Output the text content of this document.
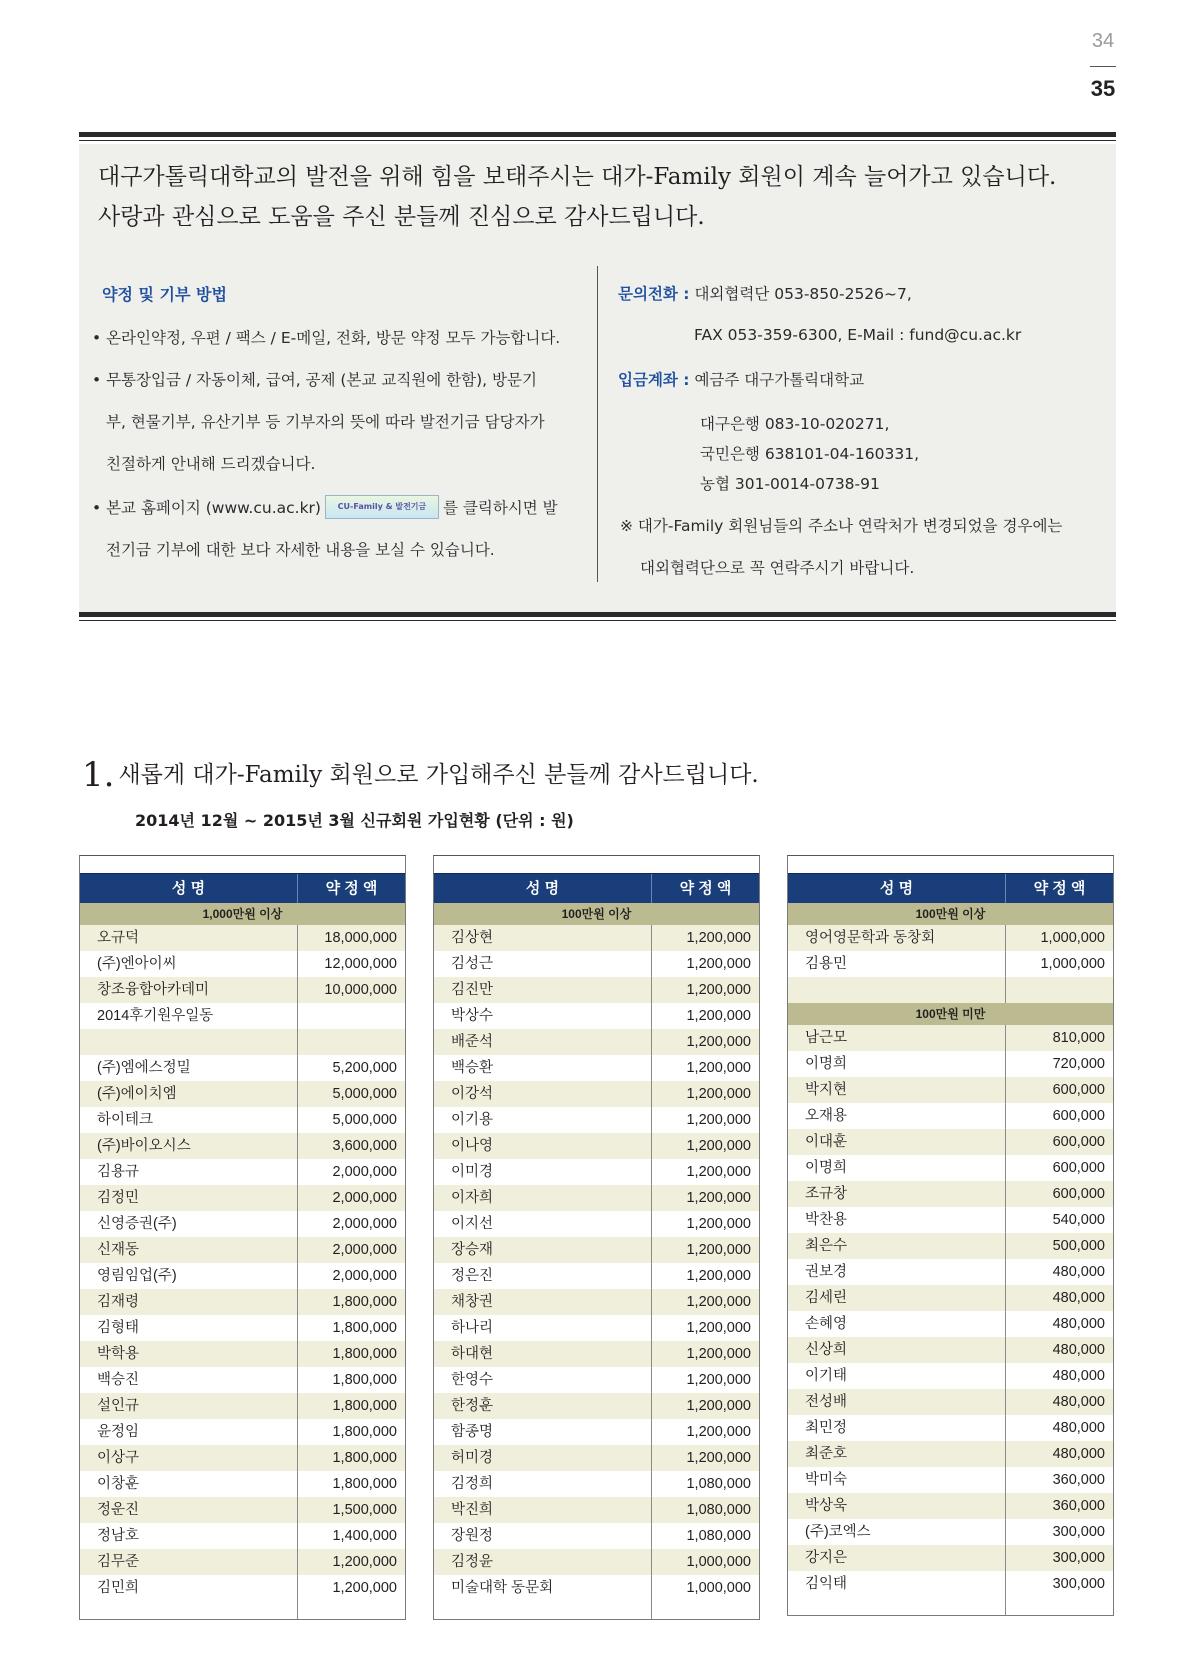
34
35
대구가톨릭대학교의 발전을 위해 힘을 보태주시는 대가-Family 회원이 계속 늘어가고 있습니다.
사랑과 관심으로 도움을 주신 분들께 진심으로 감사드립니다.
약정 및 기부 방법
• 온라인약정, 우편 / 팩스 / E-메일, 전화, 방문 약정 모두 가능합니다.
• 무통장입금 / 자동이체, 급여, 공제 (본교 교직원에 한함), 방문기
부, 현물기부, 유산기부 등 기부자의 뜻에 따라 발전기금 담당자가
친절하게 안내해 드리겠습니다.
• 본교 홈페이지 (www.cu.ac.kr) CU-Family & 발전기금 를 클릭하시면 발
전기금 기부에 대한 보다 자세한 내용을 보실 수 있습니다.
문의전화 : 대외협력단 053-850-2526~7,
FAX 053-359-6300, E-Mail : fund@cu.ac.kr
입금계좌 : 예금주 대구가톨릭대학교
대구은행 083-10-020271,
국민은행 638101-04-160331,
농협 301-0014-0738-91
※ 대가-Family 회원님들의 주소나 연락처가 변경되었을 경우에는
대외협력단으로 꼭 연락주시기 바랍니다.
1. 새롭게 대가-Family 회원으로 가입해주신 분들께 감사드립니다.
2014년 12월 ~ 2015년 3월 신규회원 가입현황 (단위 : 원)
성 명	약 정 액
1,000만원 이상
오규덕	18,000,000
(주)엔아이씨	12,000,000
창조융합아카데미	10,000,000
2014후기원우일동
(주)엠에스정밀	5,200,000
(주)에이치엠	5,000,000
하이테크	5,000,000
(주)바이오시스	3,600,000
김용규	2,000,000
김정민	2,000,000
신영증권(주)	2,000,000
신재동	2,000,000
영림임업(주)	2,000,000
김재령	1,800,000
김형태	1,800,000
박학용	1,800,000
백승진	1,800,000
설인규	1,800,000
윤정임	1,800,000
이상구	1,800,000
이창훈	1,800,000
정운진	1,500,000
정남호	1,400,000
김무준	1,200,000
김민희	1,200,000
성 명	약 정 액
100만원 이상
김상현	1,200,000
김성근	1,200,000
김진만	1,200,000
박상수	1,200,000
배준석	1,200,000
백승환	1,200,000
이강석	1,200,000
이기용	1,200,000
이나영	1,200,000
이미경	1,200,000
이자희	1,200,000
이지선	1,200,000
장승재	1,200,000
정은진	1,200,000
채창권	1,200,000
하나리	1,200,000
하대현	1,200,000
한영수	1,200,000
한정훈	1,200,000
함종명	1,200,000
허미경	1,200,000
김정희	1,080,000
박진희	1,080,000
장원정	1,080,000
김정윤	1,000,000
미술대학 동문회	1,000,000
성 명	약 정 액
100만원 이상
영어영문학과 동창회	1,000,000
김용민	1,000,000
100만원 미만
남근모	810,000
이명희	720,000
박지현	600,000
오재용	600,000
이대훈	600,000
이명희	600,000
조규창	600,000
박찬용	540,000
최은수	500,000
권보경	480,000
김세린	480,000
손혜영	480,000
신상희	480,000
이기태	480,000
전성배	480,000
최민정	480,000
최준호	480,000
박미숙	360,000
박상욱	360,000
(주)코엑스	300,000
강지은	300,000
김익태	300,000
